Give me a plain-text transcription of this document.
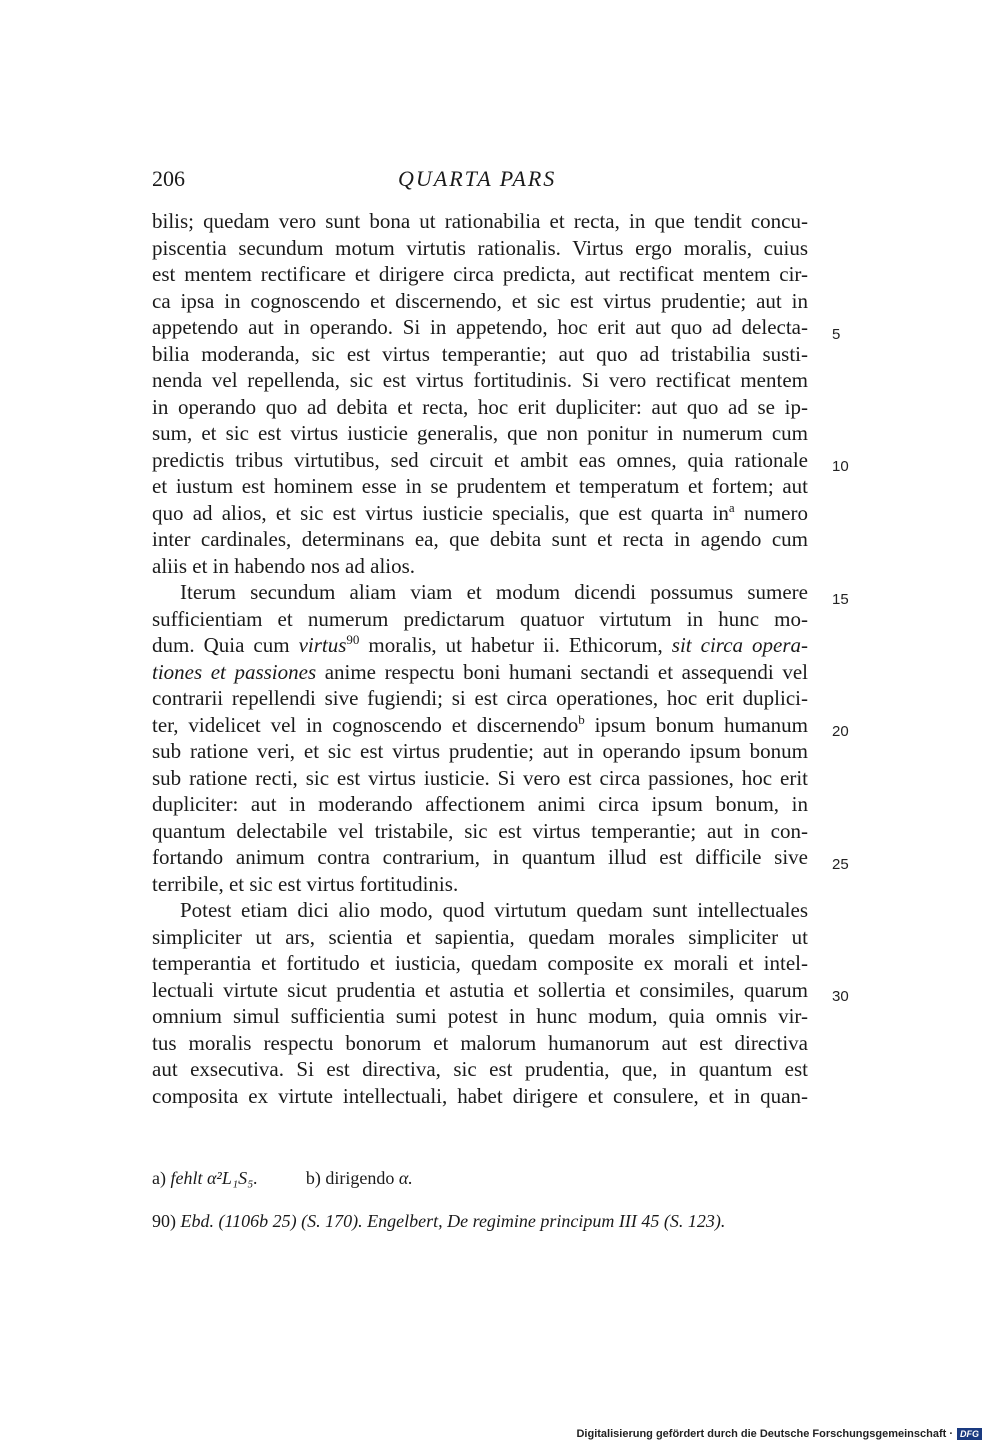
206	QUARTA PARS
bilis; quedam vero sunt bona ut rationabilia et recta, in que tendit concu-
piscentia secundum motum virtutis rationalis. Virtus ergo moralis, cuius
est mentem rectificare et dirigere circa predicta, aut rectificat mentem cir-
ca ipsa in cognoscendo et discernendo, et sic est virtus prudentie; aut in
appetendo aut in operando. Si in appetendo, hoc erit aut quo ad delecta-
bilia moderanda, sic est virtus temperantie; aut quo ad tristabilia susti-
nenda vel repellenda, sic est virtus fortitudinis. Si vero rectificat mentem
in operando quo ad debita et recta, hoc erit dupliciter: aut quo ad se ip-
sum, et sic est virtus iusticie generalis, que non ponitur in numerum cum
predictis tribus virtutibus, sed circuit et ambit eas omnes, quia rationale
et iustum est hominem esse in se prudentem et temperatum et fortem; aut
quo ad alios, et sic est virtus iusticie specialis, que est quarta $in^a$ numero
inter cardinales, determinans ea, que debita sunt et recta in agendo cum
aliis et in habendo nos ad alios.
Iterum secundum aliam viam et modum dicendi possumus sumere
sufficientiam et numerum predictarum quatuor virtutum in hunc mo-
dum. Quia cum virtus$^{90}$ moralis, ut habetur ii. Ethicorum, sit circa opera-
tiones et passiones anime respectu boni humani sectandi et assequendi vel
contrarii repellendi sive fugiendi; si est circa operationes, hoc erit duplici-
ter, videlicet vel in cognoscendo et discernendo$^b$ ipsum bonum humanum
sub ratione veri, et sic est virtus prudentie; aut in operando ipsum bonum
sub ratione recti, sic est virtus iusticie. Si vero est circa passiones, hoc erit
dupliciter: aut in moderando affectionem animi circa ipsum bonum, in
quantum delectabile vel tristabile, sic est virtus temperantie; aut in con-
fortando animum contra contrarium, in quantum illud est difficile sive
terribile, et sic est virtus fortitudinis.
Potest etiam dici alio modo, quod virtutum quedam sunt intellectuales
simpliciter ut ars, scientia et sapientia, quedam morales simpliciter ut
temperantia et fortitudo et iusticia, quedam composite ex morali et intel-
lectuali virtute sicut prudentia et astutia et sollertia et consimiles, quarum
omnium simul sufficientia sumi potest in hunc modum, quia omnis vir-
tus moralis respectu bonorum et malorum humanorum aut est directiva
aut exsecutiva. Si est directiva, sic est prudentia, que, in quantum est
composita ex virtute intellectuali, habet dirigere et consulere, et in quan-
5
10
15
20
25
30
a) fehlt α²L₁S₅.	b) dirigendo α.
90) Ebd. (1106b 25) (S. 170). Engelbert, De regimine principum III 45 (S. 123).
Digitalisierung gefördert durch die Deutsche Forschungsgemeinschaft · DFG
